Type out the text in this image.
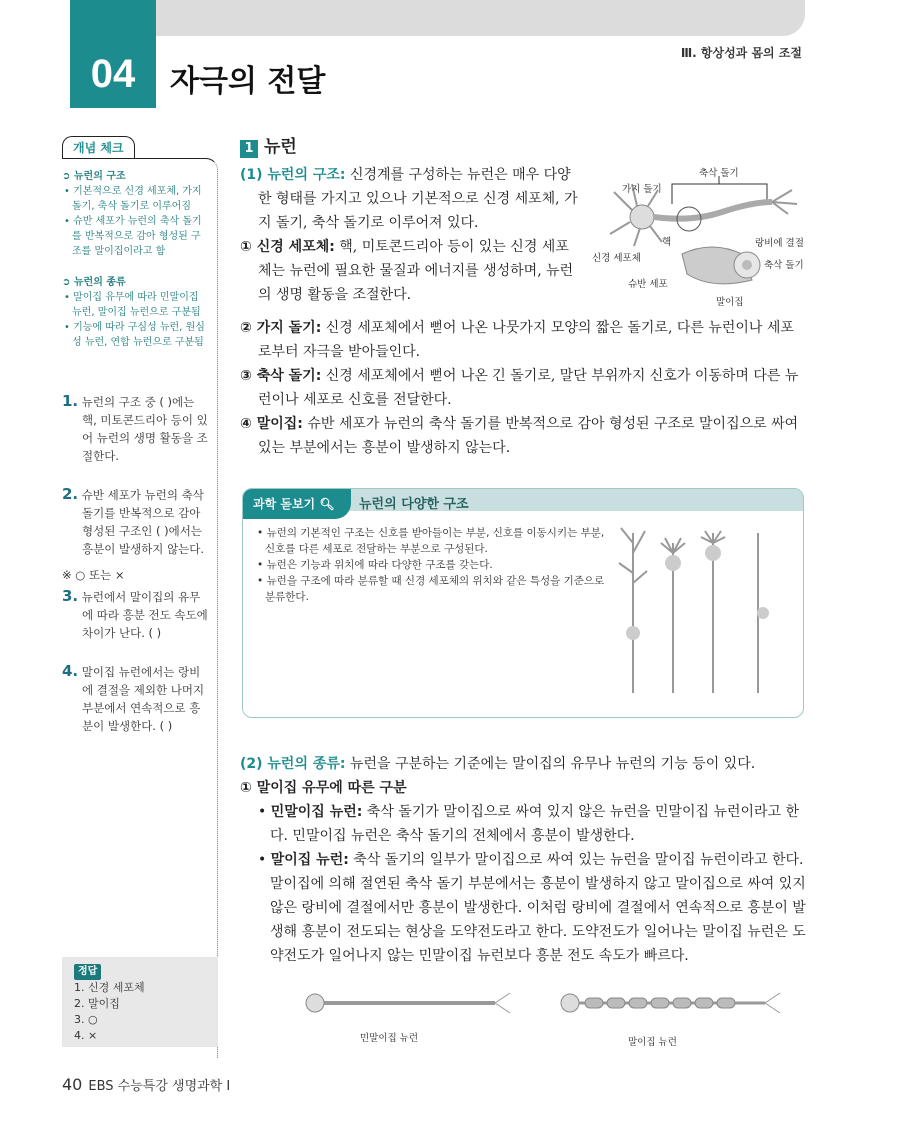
04	자극의 전달
Ⅲ. 항상성과 몸의 조절
개념 체크
➲ 뉴런의 구조
• 기본적으로 신경 세포체, 가지 돌기, 축삭 돌기로 이루어짐
• 슈반 세포가 뉴런의 축삭 돌기를 반복적으로 감아 형성된 구조를 말이집이라고 함
➲ 뉴런의 종류
• 말이집 유무에 따라 민말이집 뉴런, 말이집 뉴런으로 구분됨
• 기능에 따라 구심성 뉴런, 원심성 뉴런, 연합 뉴런으로 구분됨
1. 뉴런의 구조 중 ( )에는 핵, 미토콘드리아 등이 있어 뉴런의 생명 활동을 조절한다.
2. 슈반 세포가 뉴런의 축삭 돌기를 반복적으로 감아 형성된 구조인 ( )에서는 흥분이 발생하지 않는다.
※ ○ 또는 ×
3. 뉴런에서 말이집의 유무에 따라 흥분 전도 속도에 차이가 난다. ( )
4. 말이집 뉴런에서는 랑비에 결절을 제외한 나머지 부분에서 연속적으로 흥분이 발생한다. ( )
정답
1. 신경 세포체
2. 말이집
3. ○
4. ×
1 뉴런
(1) 뉴런의 구조: 신경계를 구성하는 뉴런은 매우 다양한 형태를 가지고 있으나 기본적으로 신경 세포체, 가지 돌기, 축삭 돌기로 이루어져 있다.
① 신경 세포체: 핵, 미토콘드리아 등이 있는 신경 세포체는 뉴런에 필요한 물질과 에너지를 생성하며, 뉴런의 생명 활동을 조절한다.
축삭 돌기
가지 돌기
핵
신경 세포체
랑비에 결절
축삭 돌기
슈반 세포
말이집
② 가지 돌기: 신경 세포체에서 뻗어 나온 나뭇가지 모양의 짧은 돌기로, 다른 뉴런이나 세포로부터 자극을 받아들인다.
③ 축삭 돌기: 신경 세포체에서 뻗어 나온 긴 돌기로, 말단 부위까지 신호가 이동하며 다른 뉴런이나 세포로 신호를 전달한다.
④ 말이집: 슈반 세포가 뉴런의 축삭 돌기를 반복적으로 감아 형성된 구조로 말이집으로 싸여 있는 부분에서는 흥분이 발생하지 않는다.
과학 돋보기 🔍︎	뉴런의 다양한 구조
• 뉴런의 기본적인 구조는 신호를 받아들이는 부분, 신호를 이동시키는 부분, 신호를 다른 세포로 전달하는 부분으로 구성된다.
• 뉴런은 기능과 위치에 따라 다양한 구조를 갖는다.
• 뉴런을 구조에 따라 분류할 때 신경 세포체의 위치와 같은 특성을 기준으로 분류한다.
(2) 뉴런의 종류: 뉴런을 구분하는 기준에는 말이집의 유무나 뉴런의 기능 등이 있다.
① 말이집 유무에 따른 구분
• 민말이집 뉴런: 축삭 돌기가 말이집으로 싸여 있지 않은 뉴런을 민말이집 뉴런이라고 한다. 민말이집 뉴런은 축삭 돌기의 전체에서 흥분이 발생한다.
• 말이집 뉴런: 축삭 돌기의 일부가 말이집으로 싸여 있는 뉴런을 말이집 뉴런이라고 한다. 말이집에 의해 절연된 축삭 돌기 부분에서는 흥분이 발생하지 않고 말이집으로 싸여 있지 않은 랑비에 결절에서만 흥분이 발생한다. 이처럼 랑비에 결절에서 연속적으로 흥분이 발생해 흥분이 전도되는 현상을 도약전도라고 한다. 도약전도가 일어나는 말이집 뉴런은 도약전도가 일어나지 않는 민말이집 뉴런보다 흥분 전도 속도가 빠르다.
민말이집 뉴런	말이집 뉴런
40 EBS 수능특강 생명과학 Ⅰ
